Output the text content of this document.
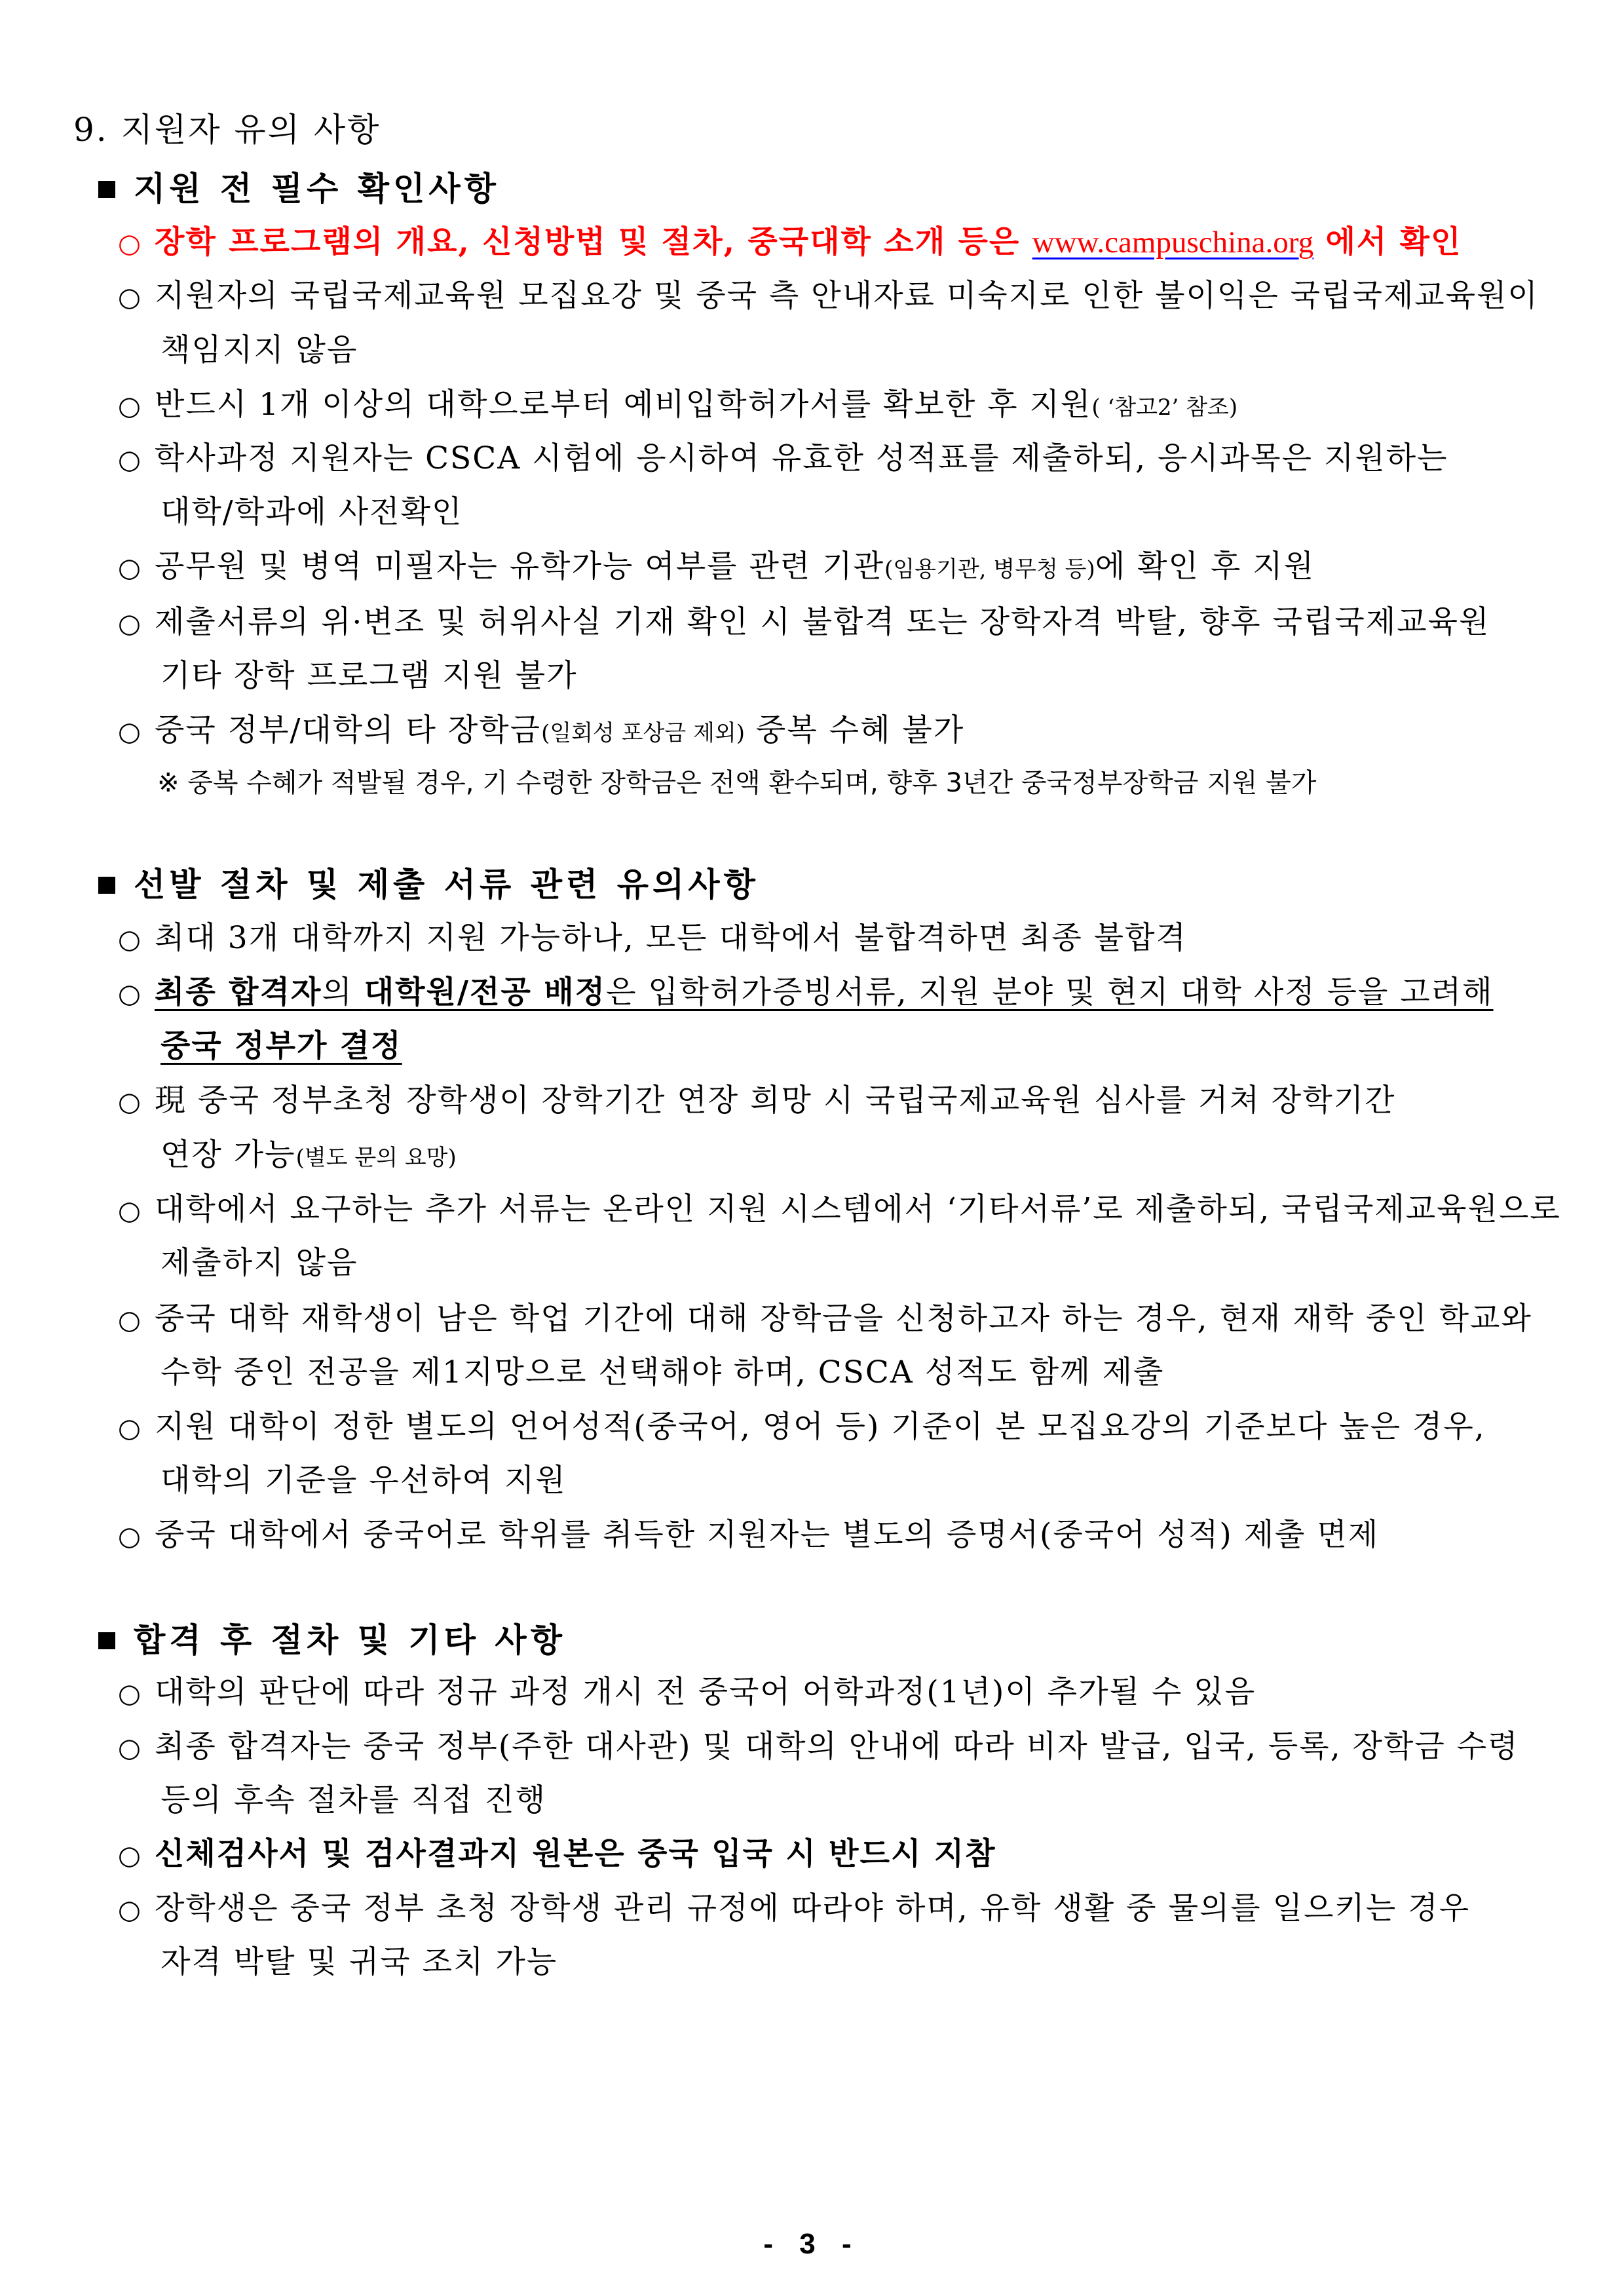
9. 지원자 유의 사항
지원 전 필수 확인사항
○ 장학 프로그램의 개요, 신청방법 및 절차, 중국대학 소개 등은 www.campuschina.org 에서 확인
○ 지원자의 국립국제교육원 모집요강 및 중국 측 안내자료 미숙지로 인한 불이익은 국립국제교육원이
책임지지 않음
○ 반드시 1개 이상의 대학으로부터 예비입학허가서를 확보한 후 지원( ‘참고2’ 참조)
○ 학사과정 지원자는 CSCA 시험에 응시하여 유효한 성적표를 제출하되, 응시과목은 지원하는
대학/학과에 사전확인
○ 공무원 및 병역 미필자는 유학가능 여부를 관련 기관(임용기관, 병무청 등)에 확인 후 지원
○ 제출서류의 위·변조 및 허위사실 기재 확인 시 불합격 또는 장학자격 박탈, 향후 국립국제교육원
기타 장학 프로그램 지원 불가
○ 중국 정부/대학의 타 장학금(일회성 포상금 제외) 중복 수혜 불가
※ 중복 수혜가 적발될 경우, 기 수령한 장학금은 전액 환수되며, 향후 3년간 중국정부장학금 지원 불가
선발 절차 및 제출 서류 관련 유의사항
○ 최대 3개 대학까지 지원 가능하나, 모든 대학에서 불합격하면 최종 불합격
○ 최종 합격자의 대학원/전공 배정은 입학허가증빙서류, 지원 분야 및 현지 대학 사정 등을 고려해
중국 정부가 결정
○ 現 중국 정부초청 장학생이 장학기간 연장 희망 시 국립국제교육원 심사를 거쳐 장학기간
연장 가능(별도 문의 요망)
○ 대학에서 요구하는 추가 서류는 온라인 지원 시스템에서 ‘기타서류’로 제출하되, 국립국제교육원으로
제출하지 않음
○ 중국 대학 재학생이 남은 학업 기간에 대해 장학금을 신청하고자 하는 경우, 현재 재학 중인 학교와
수학 중인 전공을 제1지망으로 선택해야 하며, CSCA 성적도 함께 제출
○ 지원 대학이 정한 별도의 언어성적(중국어, 영어 등) 기준이 본 모집요강의 기준보다 높은 경우,
대학의 기준을 우선하여 지원
○ 중국 대학에서 중국어로 학위를 취득한 지원자는 별도의 증명서(중국어 성적) 제출 면제
합격 후 절차 및 기타 사항
○ 대학의 판단에 따라 정규 과정 개시 전 중국어 어학과정(1년)이 추가될 수 있음
○ 최종 합격자는 중국 정부(주한 대사관) 및 대학의 안내에 따라 비자 발급, 입국, 등록, 장학금 수령
등의 후속 절차를 직접 진행
○ 신체검사서 및 검사결과지 원본은 중국 입국 시 반드시 지참
○ 장학생은 중국 정부 초청 장학생 관리 규정에 따라야 하며, 유학 생활 중 물의를 일으키는 경우
자격 박탈 및 귀국 조치 가능
- 3 -
